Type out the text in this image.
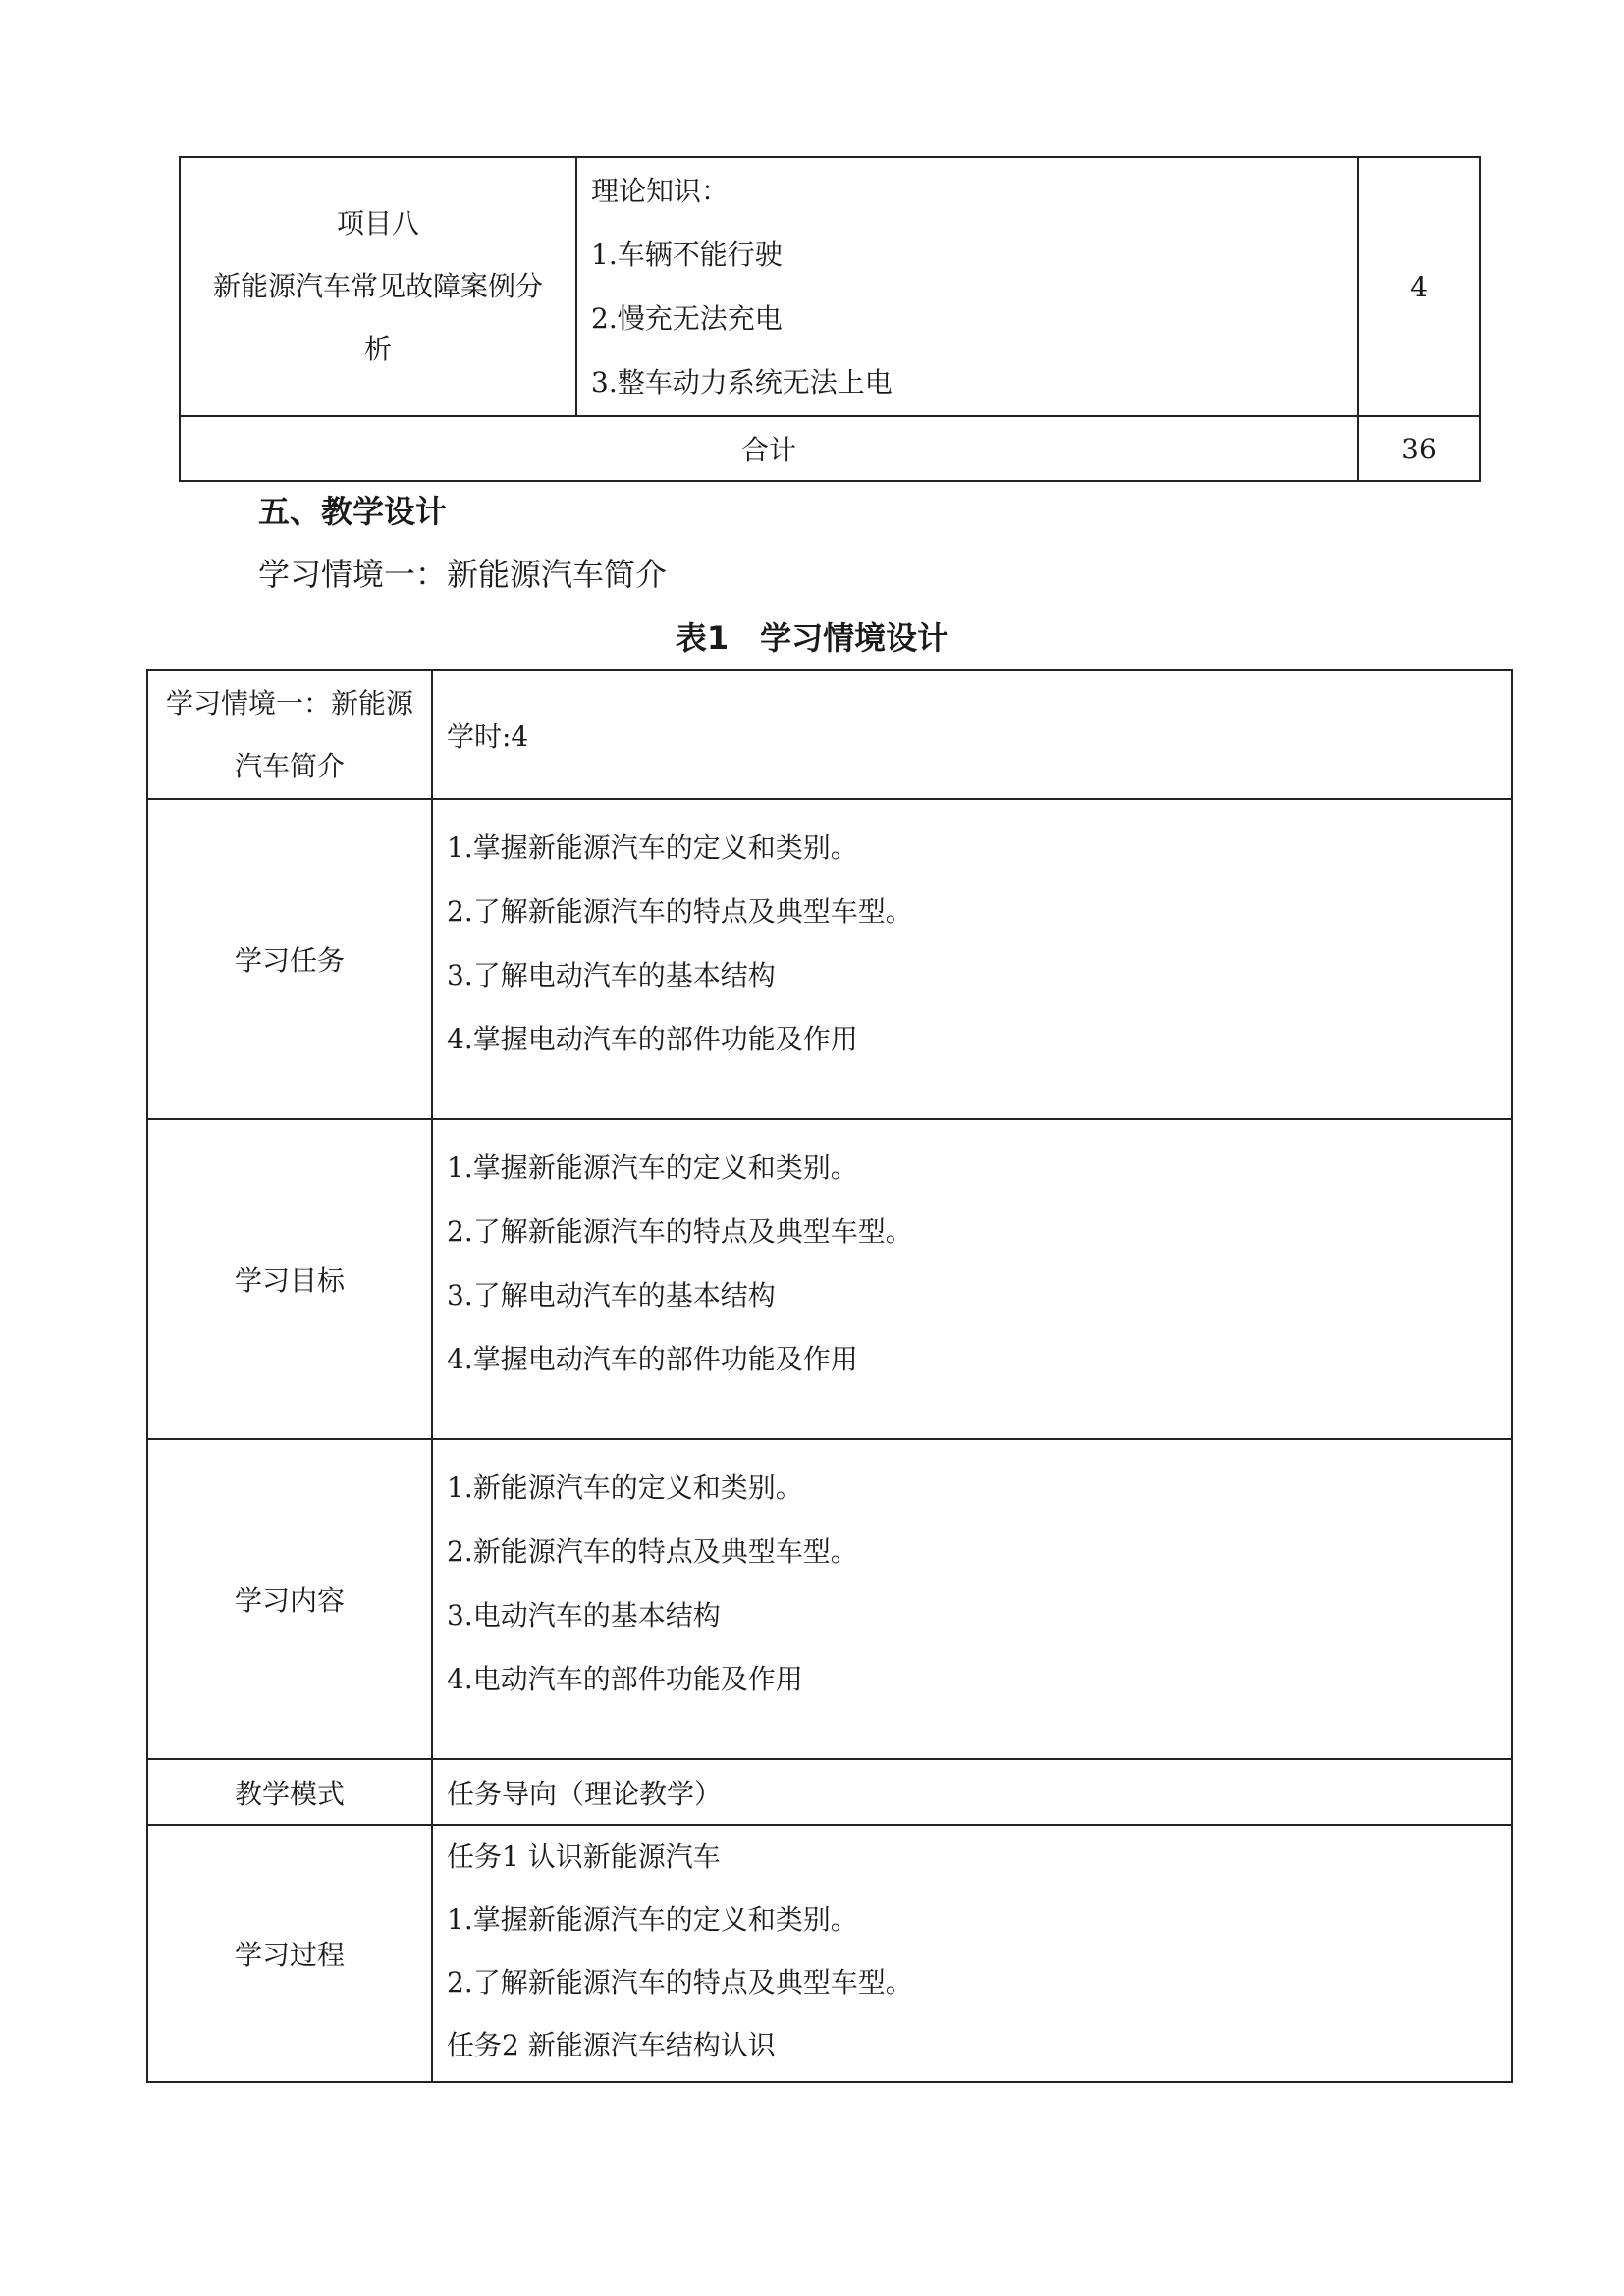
项目八
新能源汽车常见故障案例分
析	理论知识：
1.车辆不能行驶
2.慢充无法充电
3.整车动力系统无法上电	4
合计		36
五、教学设计
学习情境一：新能源汽车简介
表1　学习情境设计
学习情境一：新能源
汽车简介	学时:4
学习任务	1.掌握新能源汽车的定义和类别。
2.了解新能源汽车的特点及典型车型。
3.了解电动汽车的基本结构
4.掌握电动汽车的部件功能及作用

学习目标	1.掌握新能源汽车的定义和类别。
2.了解新能源汽车的特点及典型车型。
3.了解电动汽车的基本结构
4.掌握电动汽车的部件功能及作用

学习内容	1.新能源汽车的定义和类别。
2.新能源汽车的特点及典型车型。
3.电动汽车的基本结构
4.电动汽车的部件功能及作用

教学模式	任务导向（理论教学）
学习过程	任务1 认识新能源汽车
1.掌握新能源汽车的定义和类别。
2.了解新能源汽车的特点及典型车型。
任务2 新能源汽车结构认识
